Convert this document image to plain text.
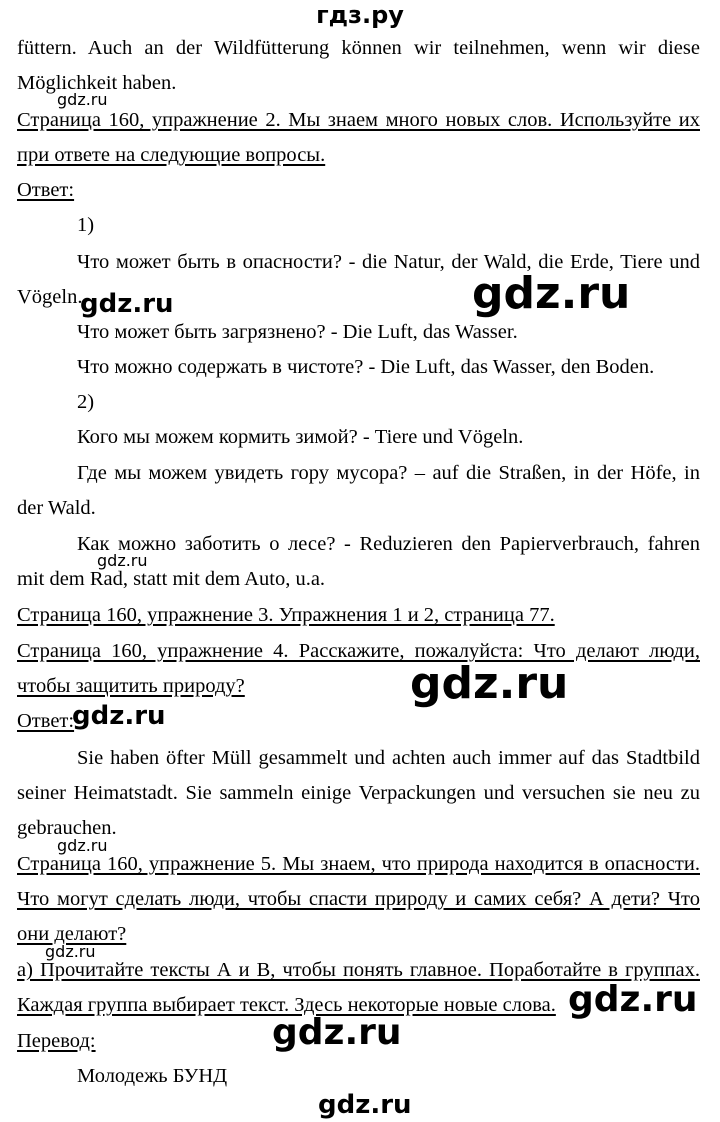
гдз.ру
füttern. Auch an der Wildfütterung können wir teilnehmen, wenn wir diese
Möglichkeit haben.
Страница 160, упражнение 2. Мы знаем много новых слов. Используйте их
при ответе на следующие вопросы.
Ответ:
1)
Что может быть в опасности? - die Natur, der Wald, die Erde, Tiere und
Vögeln.
Что может быть загрязнено? - Die Luft, das Wasser.
Что можно содержать в чистоте? - Die Luft, das Wasser, den Boden.
2)
Кого мы можем кормить зимой? - Tiere und Vögeln.
Где мы можем увидеть гору мусора? – auf die Straßen, in der Höfe, in
der Wald.
Как можно заботить о лесе? - Reduzieren den Papierverbrauch, fahren
mit dem Rad, statt mit dem Auto, u.a.
Страница 160, упражнение 3. Упражнения 1 и 2, страница 77.
Страница 160, упражнение 4. Расскажите, пожалуйста: Что делают люди,
чтобы защитить природу?
Ответ:
Sie haben öfter Müll gesammelt und achten auch immer auf das Stadtbild
seiner Heimatstadt. Sie sammeln einige Verpackungen und versuchen sie neu zu
gebrauchen.
Страница 160, упражнение 5. Мы знаем, что природа находится в опасности.
Что могут сделать люди, чтобы спасти природу и самих себя? А дети? Что
они делают?
а) Прочитайте тексты А и В, чтобы понять главное. Поработайте в группах.
Каждая группа выбирает текст. Здесь некоторые новые слова.
Перевод:
Молодежь БУНД
gdz.ru
gdz.ru	gdz.ru
gdz.ru
gdz.ru
gdz.ru
gdz.ru
gdz.ru
gdz.ru
gdz.ru
gdz.ru
